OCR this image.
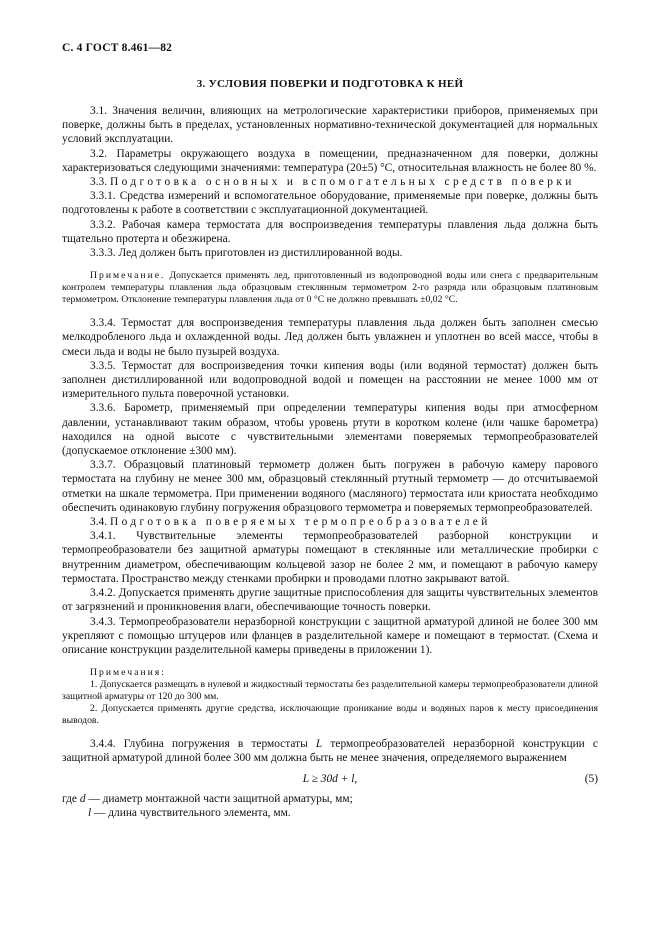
С. 4 ГОСТ 8.461—82
3. УСЛОВИЯ ПОВЕРКИ И ПОДГОТОВКА К НЕЙ

3.1. Значения величин, влияющих на метрологические характеристики приборов, применяемых при поверке, должны быть в пределах, установленных нормативно-технической документацией для нормальных условий эксплуатации.

3.2. Параметры окружающего воздуха в помещении, предназначенном для поверки, должны характеризоваться следующими значениями: температура (20±5) °С, относительная влажность не более 80 %.

3.3. Подготовка основных и вспомогательных средств поверки

3.3.1. Средства измерений и вспомогательное оборудование, применяемые при поверке, должны быть подготовлены к работе в соответствии с эксплуатационной документацией.

3.3.2. Рабочая камера термостата для воспроизведения температуры плавления льда должна быть тщательно протерта и обезжирена.

3.3.3. Лед должен быть приготовлен из дистиллированной воды.

Примечание. Допускается применять лед, приготовленный из водопроводной воды или снега с предварительным контролем температуры плавления льда образцовым стеклянным термометром 2-го разряда или образцовым платиновым термометром. Отклонение температуры плавления льда от 0 °С не должно превышать ±0,02 °С.

3.3.4. Термостат для воспроизведения температуры плавления льда должен быть заполнен смесью мелкодробленого льда и охлажденной воды. Лед должен быть увлажнен и уплотнен во всей массе, чтобы в смеси льда и воды не было пузырей воздуха.

3.3.5. Термостат для воспроизведения точки кипения воды (или водяной термостат) должен быть заполнен дистиллированной или водопроводной водой и помещен на расстоянии не менее 1000 мм от измерительного пульта поверочной установки.

3.3.6. Барометр, применяемый при определении температуры кипения воды при атмосферном давлении, устанавливают таким образом, чтобы уровень ртути в коротком колене (или чашке барометра) находился на одной высоте с чувствительными элементами поверяемых термопреобразователей (допускаемое отклонение ±300 мм).

3.3.7. Образцовый платиновый термометр должен быть погружен в рабочую камеру парового термостата на глубину не менее 300 мм, образцовый стеклянный ртутный термометр — до отсчитываемой отметки на шкале термометра. При применении водяного (масляного) термостата или криостата необходимо обеспечить одинаковую глубину погружения образцового термометра и поверяемых термопреобразователей.

3.4. Подготовка поверяемых термопреобразователей

3.4.1. Чувствительные элементы термопреобразователей разборной конструкции и термопреобразователи без защитной арматуры помещают в стеклянные или металлические пробирки с внутренним диаметром, обеспечивающим кольцевой зазор не более 2 мм, и помещают в рабочую камеру термостата. Пространство между стенками пробирки и проводами плотно закрывают ватой.

3.4.2. Допускается применять другие защитные приспособления для защиты чувствительных элементов от загрязнений и проникновения влаги, обеспечивающие точность поверки.

3.4.3. Термопреобразователи неразборной конструкции с защитной арматурой длиной не более 300 мм укрепляют с помощью штуцеров или фланцев в разделительной камере и помещают в термостат. (Схема и описание конструкции разделительной камеры приведены в приложении 1).

Примечания:

1. Допускается размещать в нулевой и жидкостный термостаты без разделительной камеры термопреобразователи длиной защитной арматуры от 120 до 300 мм.

2. Допускается применять другие средства, исключающие проникание воды и водяных паров к месту присоединения выводов.

3.4.4. Глубина погружения в термостаты L термопреобразователей неразборной конструкции с защитной арматурой длиной более 300 мм должна быть не менее значения, определяемого выражением

L ≥ 30d + l,	(5)

где d — диаметр монтажной части защитной арматуры, мм;

l — длина чувствительного элемента, мм.
